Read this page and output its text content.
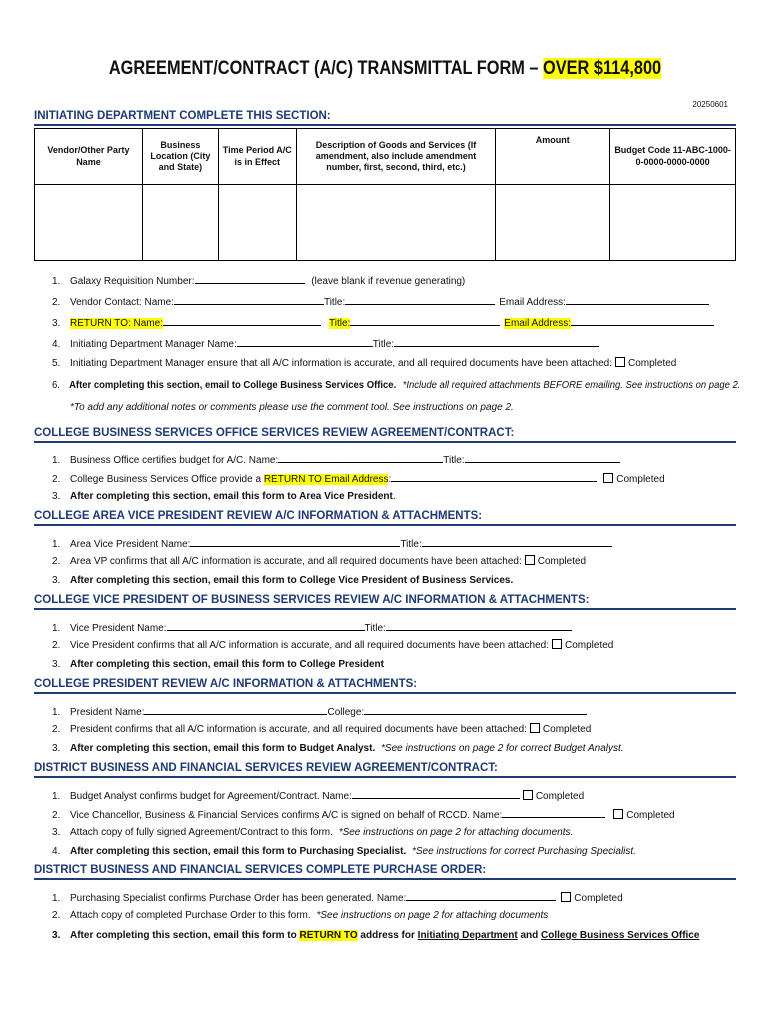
AGREEMENT/CONTRACT (A/C) TRANSMITTAL FORM – OVER $114,800
20250601
INITIATING DEPARTMENT COMPLETE THIS SECTION:
Vendor/Other Party Name	Business Location (City and State)	Time Period A/C is in Effect	Description of Goods and Services (If amendment, also include amendment number, first, second, third, etc.)	Amount	Budget Code 11-ABC-1000-0-0000-0000-0000

1. Galaxy Requisition Number:	(leave blank if revenue generating)
2. Vendor Contact: Name:	Title:	Email Address:
3. RETURN TO: Name:	Title:	Email Address:
4. Initiating Department Manager Name:	Title:
5. Initiating Department Manager ensure that all A/C information is accurate, and all required documents have been attached: Completed
6. After completing this section, email to College Business Services Office. *Include all required attachments BEFORE emailing. See instructions on page 2.
*To add any additional notes or comments please use the comment tool. See instructions on page 2.
COLLEGE BUSINESS SERVICES OFFICE SERVICES REVIEW AGREEMENT/CONTRACT:
1. Business Office certifies budget for A/C. Name:	Title:
2. College Business Services Office provide a RETURN TO Email Address:	Completed
3. After completing this section, email this form to Area Vice President.
COLLEGE AREA VICE PRESIDENT REVIEW A/C INFORMATION & ATTACHMENTS:
1. Area Vice President Name:	Title:
2. Area VP confirms that all A/C information is accurate, and all required documents have been attached: Completed
3. After completing this section, email this form to College Vice President of Business Services.
COLLEGE VICE PRESIDENT OF BUSINESS SERVICES REVIEW A/C INFORMATION & ATTACHMENTS:
1. Vice President Name:	Title:
2. Vice President confirms that all A/C information is accurate, and all required documents have been attached: Completed
3. After completing this section, email this form to College President
COLLEGE PRESIDENT REVIEW A/C INFORMATION & ATTACHMENTS:
1. President Name:	College:
2. President confirms that all A/C information is accurate, and all required documents have been attached: Completed
3. After completing this section, email this form to Budget Analyst. *See instructions on page 2 for correct Budget Analyst.
DISTRICT BUSINESS AND FINANCIAL SERVICES REVIEW AGREEMENT/CONTRACT:
1. Budget Analyst confirms budget for Agreement/Contract. Name:	Completed
2. Vice Chancellor, Business & Financial Services confirms A/C is signed on behalf of RCCD. Name:	Completed
3. Attach copy of fully signed Agreement/Contract to this form. *See instructions on page 2 for attaching documents.
4. After completing this section, email this form to Purchasing Specialist. *See instructions for correct Purchasing Specialist.
DISTRICT BUSINESS AND FINANCIAL SERVICES COMPLETE PURCHASE ORDER:
1. Purchasing Specialist confirms Purchase Order has been generated. Name:	Completed
2. Attach copy of completed Purchase Order to this form. *See instructions on page 2 for attaching documents
3. After completing this section, email this form to RETURN TO address for Initiating Department and College Business Services Office
